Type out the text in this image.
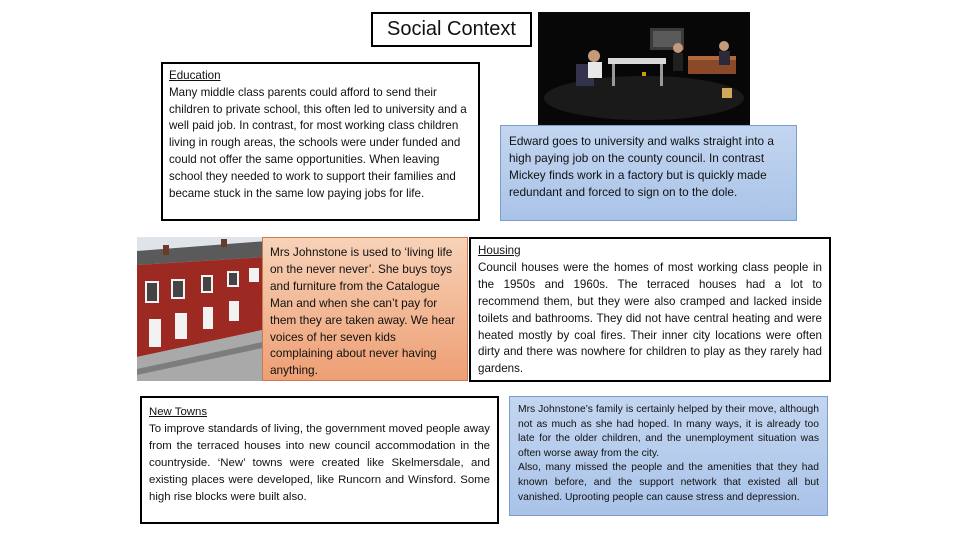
Social Context
Education
Many middle class parents could afford to send their children to private school, this often led to university and a well paid job. In contrast, for most working class children living in rough areas, the schools were under funded and could not offer the same opportunities. When leaving school they needed to work to support their families and became stuck in the same low paying jobs for life.
Edward goes to university and walks straight into a high paying job on the county council. In contrast Mickey finds work in a factory but is quickly made redundant and forced to sign on to the dole.
Mrs Johnstone is used to ‘living life on the never never’. She buys toys and furniture from the Catalogue Man and when she can’t pay for them they are taken away. We hear voices of her seven kids complaining about never having anything.
Housing
Council houses were the homes of most working class people in the 1950s and 1960s. The terraced houses had a lot to recommend them, but they were also cramped and lacked inside toilets and bathrooms. They did not have central heating and were heated mostly by coal fires. Their inner city locations were often dirty and there was nowhere for children to play as they rarely had gardens.
New Towns
To improve standards of living, the government moved people away from the terraced houses into new council accommodation in the countryside. ‘New’ towns were created like Skelmersdale, and existing places were developed, like Runcorn and Winsford. Some high rise blocks were built also.
Mrs Johnstone’s family is certainly helped by their move, although not as much as she had hoped. In many ways, it is already too late for the older children, and the unemployment situation was often worse away from the city.
Also, many missed the people and the amenities that they had known before, and the support network that existed all but vanished. Uprooting people can cause stress and depression.
